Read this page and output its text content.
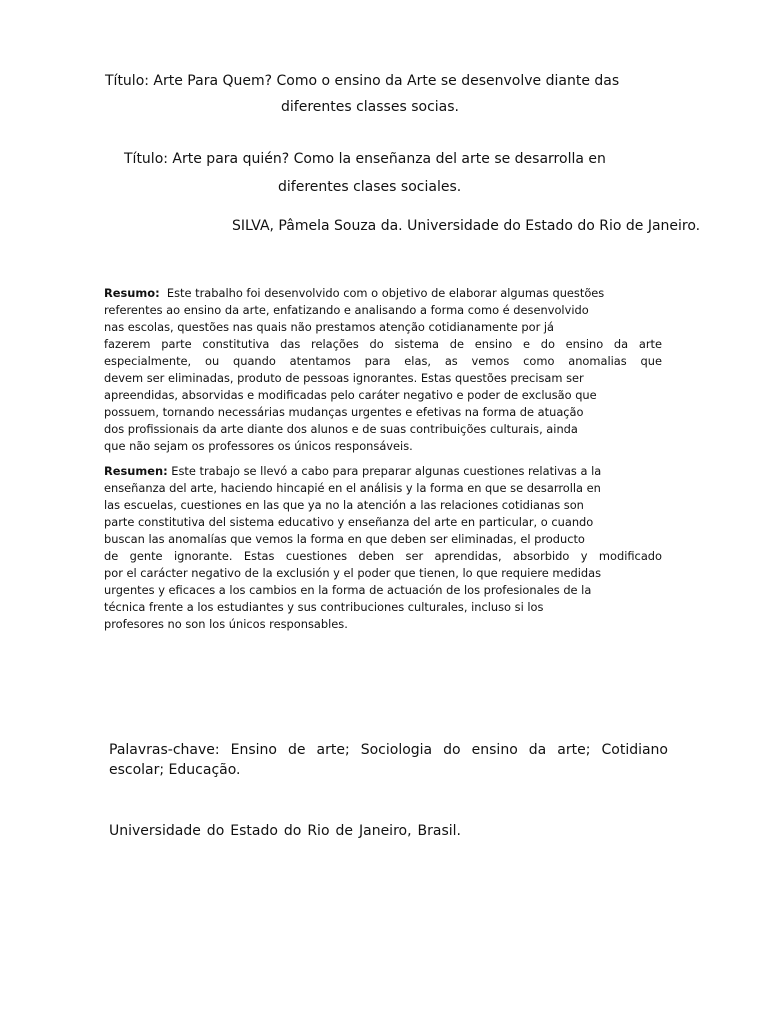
Título: Arte Para Quem? Como o ensino da Arte se desenvolve diante das

diferentes classes socias.

Título: Arte para quién? Como la enseñanza del arte se desarrolla en

diferentes clases sociales.

SILVA, Pâmela Souza da. Universidade do Estado do Rio de Janeiro.

Resumo: Este trabalho foi desenvolvido com o objetivo de elaborar algumas questões
referentes ao ensino da arte, enfatizando e analisando a forma como é desenvolvido
nas escolas, questões nas quais não prestamos atenção cotidianamente por já
fazerem parte constitutiva das relações do sistema de ensino e do ensino da arte
especialmente, ou quando atentamos para elas, as vemos como anomalias que
devem ser eliminadas, produto de pessoas ignorantes. Estas questões precisam ser
apreendidas, absorvidas e modificadas pelo caráter negativo e poder de exclusão que
possuem, tornando necessárias mudanças urgentes e efetivas na forma de atuação
dos profissionais da arte diante dos alunos e de suas contribuições culturais, ainda
que não sejam os professores os únicos responsáveis.
Resumen: Este trabajo se llevó a cabo para preparar algunas cuestiones relativas a la
enseñanza del arte, haciendo hincapié en el análisis y la forma en que se desarrolla en
las escuelas, cuestiones en las que ya no la atención a las relaciones cotidianas son
parte constitutiva del sistema educativo y enseñanza del arte en particular, o cuando
buscan las anomalías que vemos la forma en que deben ser eliminadas, el producto
de gente ignorante. Estas cuestiones deben ser aprendidas, absorbido y modificado
por el carácter negativo de la exclusión y el poder que tienen, lo que requiere medidas
urgentes y eficaces a los cambios en la forma de actuación de los profesionales de la
técnica frente a los estudiantes y sus contribuciones culturales, incluso si los
profesores no son los únicos responsables.
Palavras-chave: Ensino de arte; Sociologia do ensino da arte; Cotidiano
escolar; Educação.
Universidade do Estado do Rio de Janeiro, Brasil.
